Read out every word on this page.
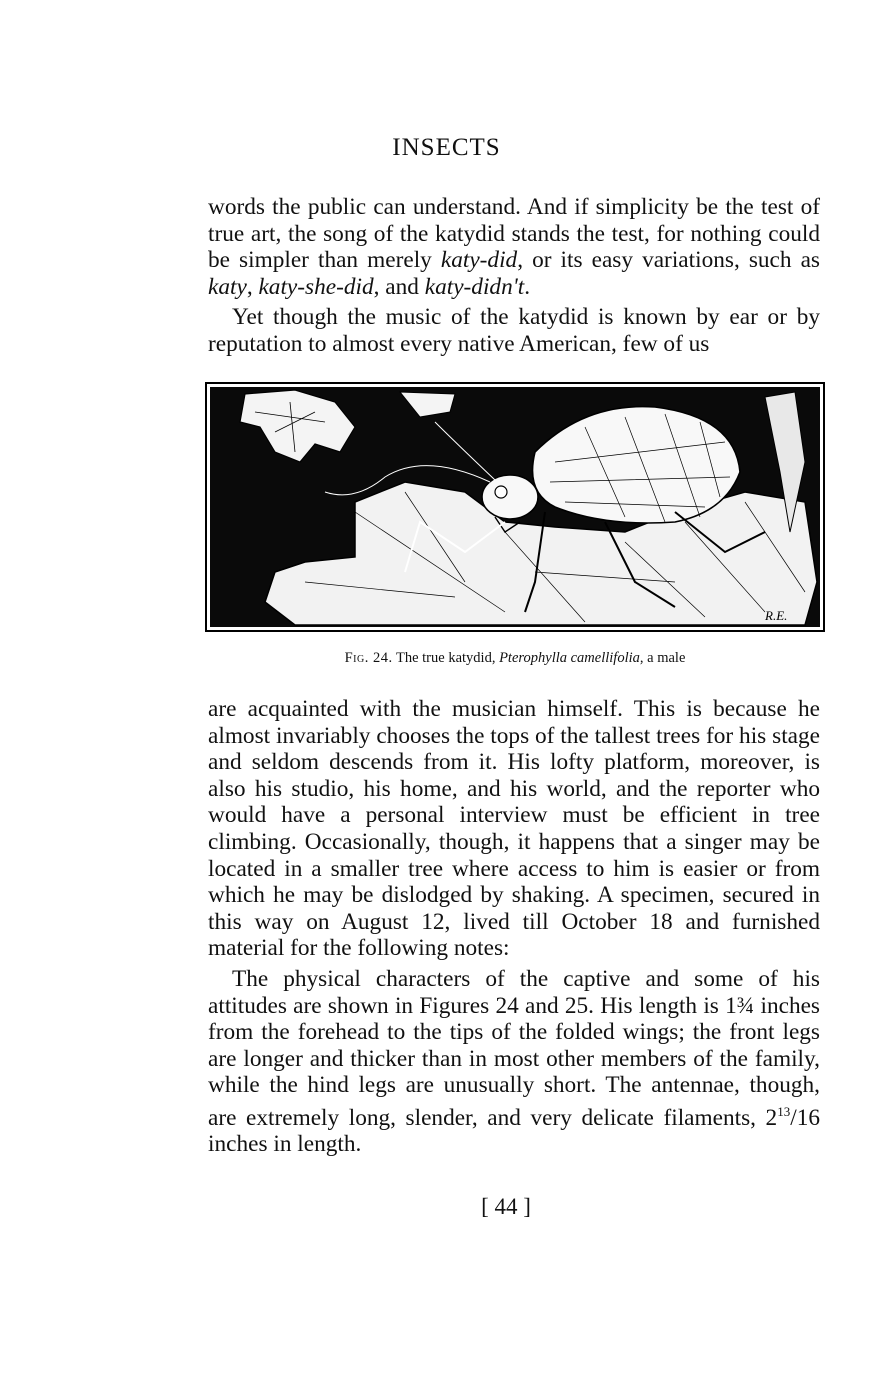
INSECTS

words the public can understand. And if simplicity be the test of true art, the song of the katydid stands the test, for nothing could be simpler than merely katy-did, or its easy variations, such as katy, katy-she-did, and katy-didn't.

Yet though the music of the katydid is known by ear or by reputation to almost every native American, few of us

R.E.
Fig. 24. The true katydid, Pterophylla camellifolia, a male

are acquainted with the musician himself. This is because he almost invariably chooses the tops of the tallest trees for his stage and seldom descends from it. His lofty platform, moreover, is also his studio, his home, and his world, and the reporter who would have a personal interview must be efficient in tree climbing. Occasionally, though, it happens that a singer may be located in a smaller tree where access to him is easier or from which he may be dislodged by shaking. A specimen, secured in this way on August 12, lived till October 18 and furnished material for the following notes:

The physical characters of the captive and some of his attitudes are shown in Figures 24 and 25. His length is 1¾ inches from the forehead to the tips of the folded wings; the front legs are longer and thicker than in most other members of the family, while the hind legs are unusually short. The antennae, though, are extremely long, slender, and very delicate filaments, $2^{13}/16$ inches in length.

[ 44 ]
